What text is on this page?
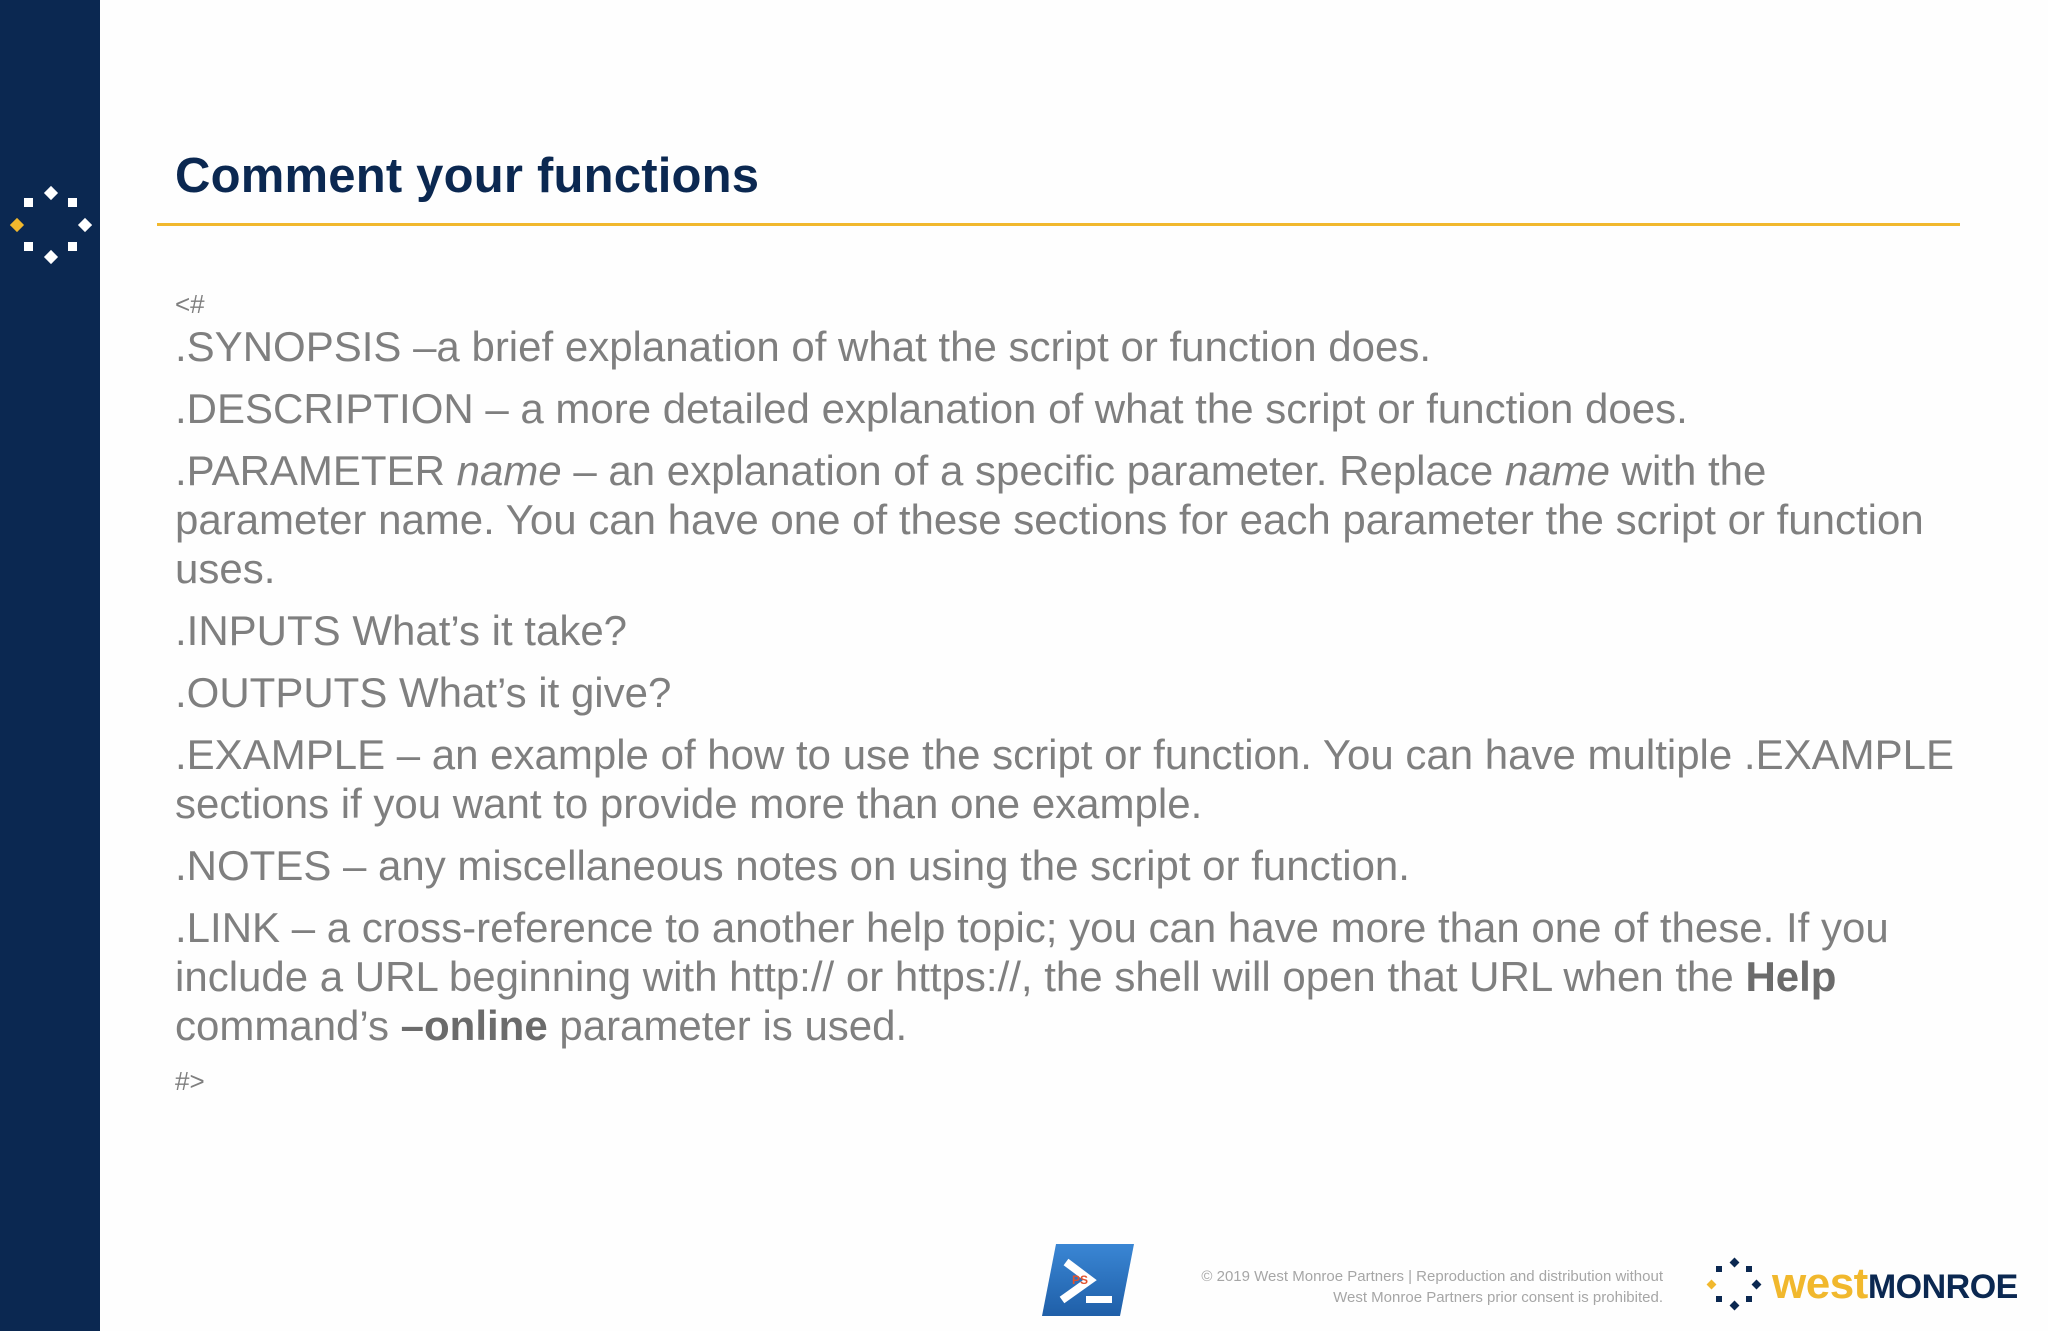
Comment your functions

<#

.SYNOPSIS –a brief explanation of what the script or function does.

.DESCRIPTION – a more detailed explanation of what the script or function does.

.PARAMETER name – an explanation of a specific parameter. Replace name with the parameter name. You can have one of these sections for each parameter the script or function uses.

.INPUTS What’s it take?

.OUTPUTS What’s it give?

.EXAMPLE – an example of how to use the script or function. You can have multiple .EXAMPLE sections if you want to provide more than one example.

.NOTES – any miscellaneous notes on using the script or function.

.LINK – a cross-reference to another help topic; you can have more than one of these. If you include a URL beginning with http:// or https://, the shell will open that URL when the Help command’s –online parameter is used.

#>

PS	© 2019 West Monroe Partners | Reproduction and distribution without
West Monroe Partners prior consent is prohibited. westMONROE
